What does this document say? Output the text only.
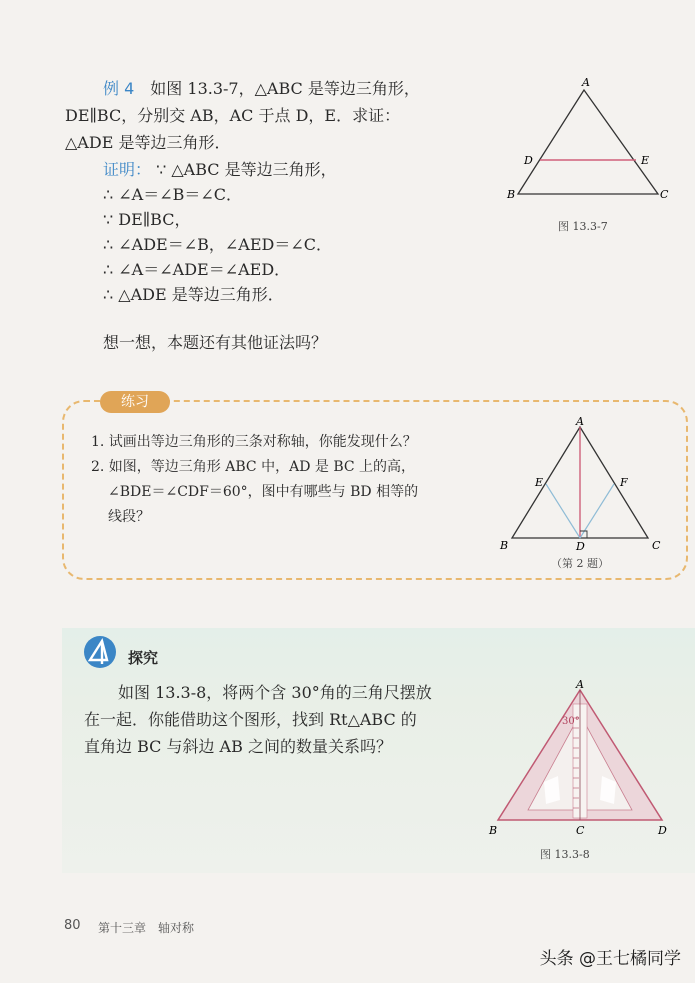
例 4　 如图 13.3-7，△ABC 是等边三角形，
DE∥BC，分别交 AB，AC 于点 D，E．求证：
△ADE 是等边三角形．
证明： ∵ △ABC 是等边三角形，
∴ ∠A＝∠B＝∠C．
∵ DE∥BC，
∴ ∠ADE＝∠B，∠AED＝∠C．
∴ ∠A＝∠ADE＝∠AED．
∴ △ADE 是等边三角形．
想一想，本题还有其他证法吗？
A
B	C
D	E
图 13.3-7
练习
1. 试画出等边三角形的三条对称轴，你能发现什么？
2. 如图，等边三角形 ABC 中，AD 是 BC 上的高，
∠BDE＝∠CDF＝60°，图中有哪些与 BD 相等的
线段？
A
B	C
D
E	F
（第 2 题）
探究
如图 13.3-8，将两个含 30°角的三角尺摆放
在一起．你能借助这个图形，找到 Rt△ABC 的
直角边 BC 与斜边 AB 之间的数量关系吗？
30°
A
B	C	D
图 13.3-8
80 第十三章　轴对称
头条 @王七橘同学
